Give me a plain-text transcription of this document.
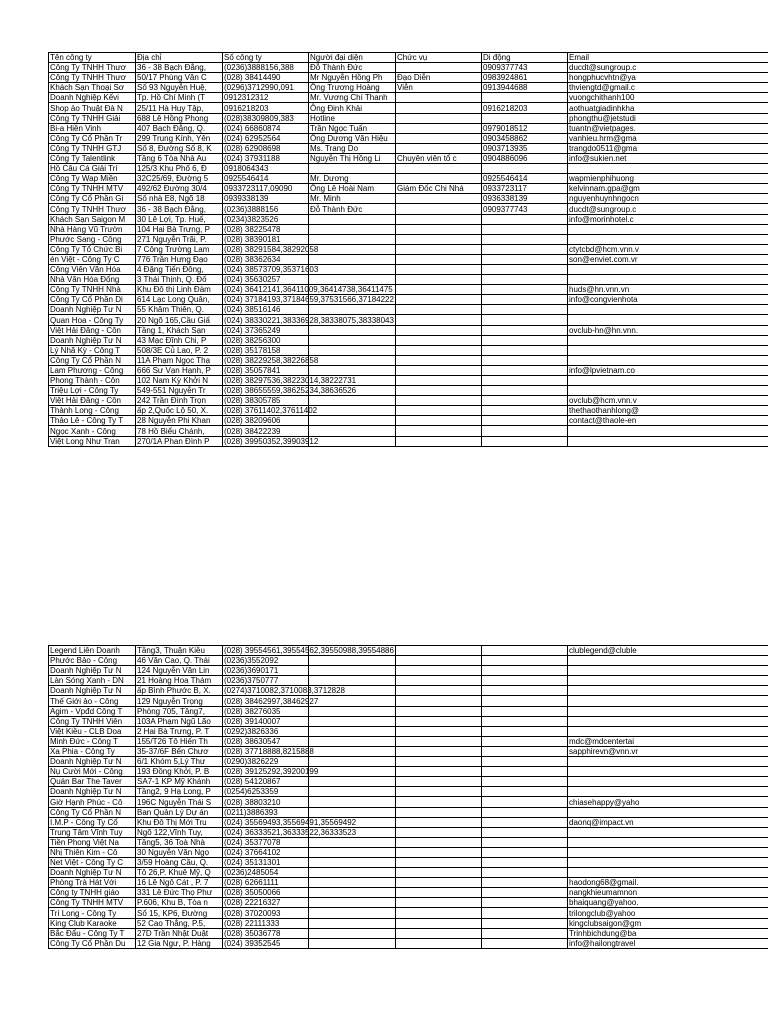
Tên công ty	Địa chỉ	Số công ty	Người đại diện	Chức vụ	Di động	Email
Công Ty TNHH Thươ	36 - 38 Bạch Đằng,	(0236)3888156,388	Đỗ Thành Đức		0909377743	ducdt@sungroup.c
Công Ty TNHH Thươ	50/17 Phùng Văn C	(028) 38414490	Mr Nguyễn Hồng Ph	Đạo Diễn	0983924861	hongphucvhtn@ya
Khách Sạn Thoại Sơ	Số 93 Nguyễn Huệ,	(0296)3712990,091	Ông Trương Hoàng	Viễn	0913944688	thviengtd@gmail.c
Doanh Nghiệp Kếvi	Tp. Hồ Chí Minh (T	0912312312	Mr. Vương Chí Thanh			vuongchithanh100
Shop ảo Thuật Đà N	25/11 Hà Huy Tập,	0916218203	Ông Đinh Khải		0916218203	aothuatgiadinhkha
Công Ty TNHH Giải	688 Lê Hồng Phong	(028)38309809,383	Hotline			phongthu@jetstudi
Bi-a Hiền Vinh	407 Bạch Đằng, Q.	(024) 66860874	Trần Ngọc Tuấn		0979018512	tuantn@vietpages.
Công Ty Cổ Phần Tr	299 Trung Kính, Yên	(024) 62952564	Ông Dương Văn Hiệu		0903458862	vanhieu.hrm@gma
Công Ty TNHH GTJ	Số 8, Đường Số 8, K	(028) 62908698	Ms. Trang Do		0903713935	trangdo0511@gma
Công Ty Talentlink	Tầng 6 Tòa Nhà Au	(024) 37931188	Nguyễn Thị Hồng Li	Chuyên viên tổ c	0904886096	info@sukien.net
Hồ Câu Cá Giải Trí	125/3 Khu Phố 6, Đ	0918064343				
Công Ty Wap Miền	32C25/69, Đường 5	0925546414	Mr. Dương		0925546414	wapmienphihuong
Công Ty TNHH MTV	492/62 Đường 30/4	0933723117,09090	Ông Lê Hoài Nam	Giám Đốc Chi Nhá	0933723117	kelvinnam.gpa@gm
Công Ty Cổ Phần Gi	Số nhà E8, Ngõ 18	0939338139	Mr. Minh		0936338139	nguyenhuynhngocn
Công Ty TNHH Thươ	36 - 38 Bạch Đằng,	(0236)3888156	Đỗ Thành Đức		0909377743	ducdt@sungroup.c
Khách Sạn Saigon M	30 Lê Lợi, Tp. Huế,	(0234)3823526				info@morinhotel.c
Nhà Hàng Vũ Trườn	104 Hai Bà Trưng, P	(028) 38225478				
Phước Sang - Công	271 Nguyễn Trãi, P.	(028) 38390181				
Công Ty Tổ Chức Bi	7 Công Trường Lam	(028) 38291584,38292058				ctytcbd@hcm.vnn.v
én Việt - Công Ty C	776 Trần Hưng Đạo	(028) 38362634				son@enviet.com.vr
Công Viên Văn Hóa	4 Đặng Tiến Đông,	(024) 38573709,35371603				
Nhà Văn Hóa Đống	3 Thái Thịnh, Q. Đố	(024) 35630257				
Công Ty TNHH Nhà	Khu Đô thị Linh Đàm	(024) 36412141,36411009,36414738,36411475				huds@hn.vnn.vn
Công Ty Cổ Phần Di	614 Lạc Long Quân,	(024) 37184193,37184659,37531566,37184222				info@congvienhota
Doanh Nghiệp Tư N	55 Khâm Thiên, Q.	(024) 38516146				
Quan Hoa - Công Ty	20 Ngõ 165,Cầu Giấ	(024) 38330221,38336928,38338075,38338043				
Việt Hải Đăng - Côn	Tầng 1, Khách Sạn	(024) 37365249				ovclub-hn@hn.vnn.
Doanh Nghiệp Tư N	43 Mạc Đĩnh Chi, P	(028) 38256300				
Lý Nhã Kỳ - Công T	508/3E Củ Lao, P. 2	(028) 35178158				
Công Ty Cổ Phần N	11A Phạm Ngọc Thạ	(028) 38229258,38226858				
Lam Phương - Công	666 Sư Vạn Hạnh, P	(028) 35057841				info@lpvietnam.co
Phong Thành - Côn	102 Nam Kỳ Khởi N	(028) 38297536,38223014,38222731				
Triệu Lợi - Công Ty	549-551 Nguyễn Tr	(028) 38655559,38625234,38636526				
Việt Hải Đăng - Côn	242 Trần Đình Trọn	(028) 38305785				ovclub@hcm.vnn.v
Thành Long - Công	ấp 2,Quốc Lộ 50, X.	(028) 37611402,37611402				thethaothanhlong@
Thảo Lê - Công Ty T	28 Nguyễn Phi Khan	(028) 38209606				contact@thaole-en
Ngọc Xanh - Công	78 Hồ Biểu Chánh,	(028) 38422239				
Việt Long Như Tran	270/1A Phan Đình P	(028) 39950352,39903912				
Legend Liên Doanh	Tầng3, Thuận Kiều	(028) 39554561,39554562,39550988,39554886				clublegend@cluble
Phước Bảo - Công	46 Văn Cao, Q. Thái	(0236)3552092				
Doanh Nghiệp Tư N	124 Nguyễn Văn Lin	(0236)3690171				
Làn Sóng Xanh - DN	21 Hoàng Hoa Thám	(0236)3750777				
Doanh Nghiệp Tư N	ấp Bình Phước B, X.	(0274)3710082,3710083,3712828				
Thế Giới ảo - Công	129 Nguyễn Trọng	(028) 38462997,38462927				
Agim - Vpđd Công T	Phòng 705, Tầng7,	(028) 38276035				
Công Ty TNHH Viên	103A Phạm Ngũ Lão	(028) 39140007				
Việt Kiều - CLB Doa	2 Hai Bà Trưng, P. T	(0292)3826336				
Minh Đức - Công T	155/T26 Tô Hiến Th	(028) 38630547				mdc@mdcentertai
Xa Phia - Công Ty	35-37/6F Bến Chươ	(028) 37718888,8215888				sapphirevn@vnn.vr
Doanh Nghiệp Tư N	6/1 Khóm 5,Lý Thư	(0290)3826229				
Nụ Cười Mới - Công	193 Đồng Khởi, P. B	(028) 39125292,39200199				
Quán Bar The Taver	SA7-1 KP Mỹ Khánh	(028) 54120867				
Doanh Nghiệp Tư N	Tầng2, 9 Hạ Long, P	(0254)6253359				
Giờ Hạnh Phúc - Cô	196C Nguyễn Thái S	(028) 38803210				chiasehappy@yaho
Công Ty Cổ Phần N	Ban Quản Lý Dự án	(0211)3886393				
I.M.P - Công Ty Cổ	Khu Đô Thị Mới Tru	(024) 35569493,35569491,35569492				daonq@impact.vn
Trung Tâm Vĩnh Tuy	Ngõ 122,Vĩnh Tuy,	(024) 36333521,36333522,36333523				
Tiền Phong Việt Na	Tầng5, 36 Toà Nhà	(024) 35377078				
Nhị Thiên Kim - Cô	30 Nguyễn Văn Ngọ	(024) 37664102				
Net Việt - Công Ty C	3/59 Hoàng Cầu, Q.	(024) 35131301				
Doanh Nghiệp Tư N	Tô 26,P. Khuê Mỹ, Q	(0236)2485054				
Phòng Trà Hát Với	16 Lê Ngô Cát , P. 7	(028) 62661111				haodong68@gmail.
Công ty TNHH giáo	331 Lê Đức Thọ Phư	(028) 35050066				nangkhieumamnon
Công Ty TNHH MTV	P.606, Khu B, Tòa n	(028) 22216327				bhaiquang@yahoo.
Trí Long - Công Ty	Số 15, KP6, Đường	(028) 37020093				trilongclub@yahoo
King Club Karaoke	52 Cao Thắng, P.5,	(028) 22111333				kingclubsaigon@gm
Bắc Đẩu - Công Ty T	27D Trần Nhật Duật	(028) 35036778				Trinhbichdung@ba
Công Ty Cổ Phần Du	12 Gia Ngư, P. Hàng	(024) 39352545				info@hailongtravel
